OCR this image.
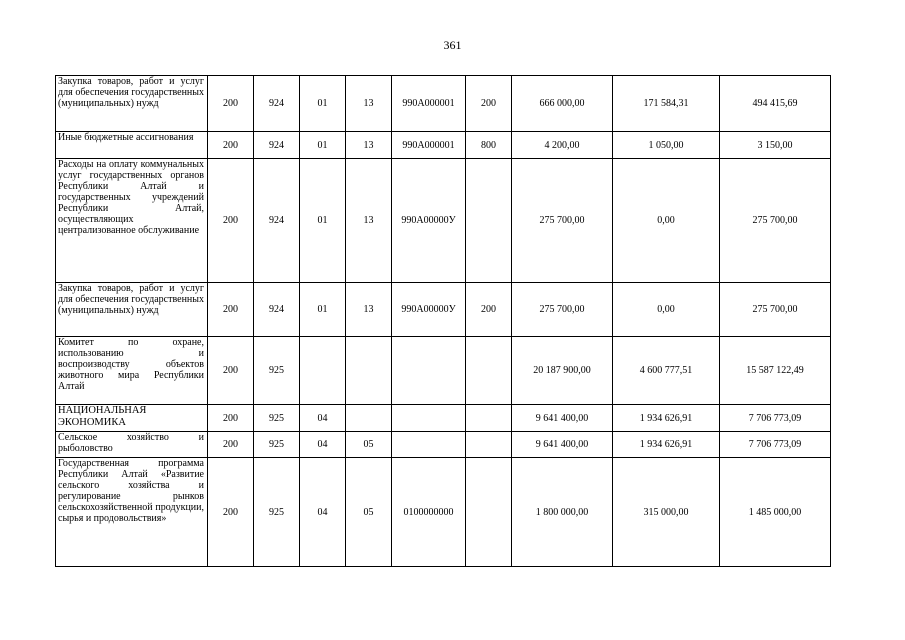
361
Закупка товаров, работ и услуг для обеспечения государственных (муниципальных) нужд	200	924	01	13	990A000001	200	666 000,00	171 584,31	494 415,69
Иные бюджетные ассигнования	200	924	01	13	990A000001	800	4 200,00	1 050,00	3 150,00
Расходы на оплату коммунальных услуг государственных органов Республики Алтай и государственных учреждений Республики Алтай, осуществляющих централизованное обслуживание	200	924	01	13	990A00000У		275 700,00	0,00	275 700,00
Закупка товаров, работ и услуг для обеспечения государственных (муниципальных) нужд	200	924	01	13	990A00000У	200	275 700,00	0,00	275 700,00
Комитет по охране, использованию и воспроизводству объектов животного мира Республики Алтай	200	925					20 187 900,00	4 600 777,51	15 587 122,49
НАЦИОНАЛЬНАЯ ЭКОНОМИКА	200	925	04				9 641 400,00	1 934 626,91	7 706 773,09
Сельское хозяйство и рыболовство	200	925	04	05			9 641 400,00	1 934 626,91	7 706 773,09
Государственная программа Республики Алтай «Развитие сельского хозяйства и регулирование рынков сельскохозяйственной продукции, сырья и продовольствия»	200	925	04	05	0100000000		1 800 000,00	315 000,00	1 485 000,00
